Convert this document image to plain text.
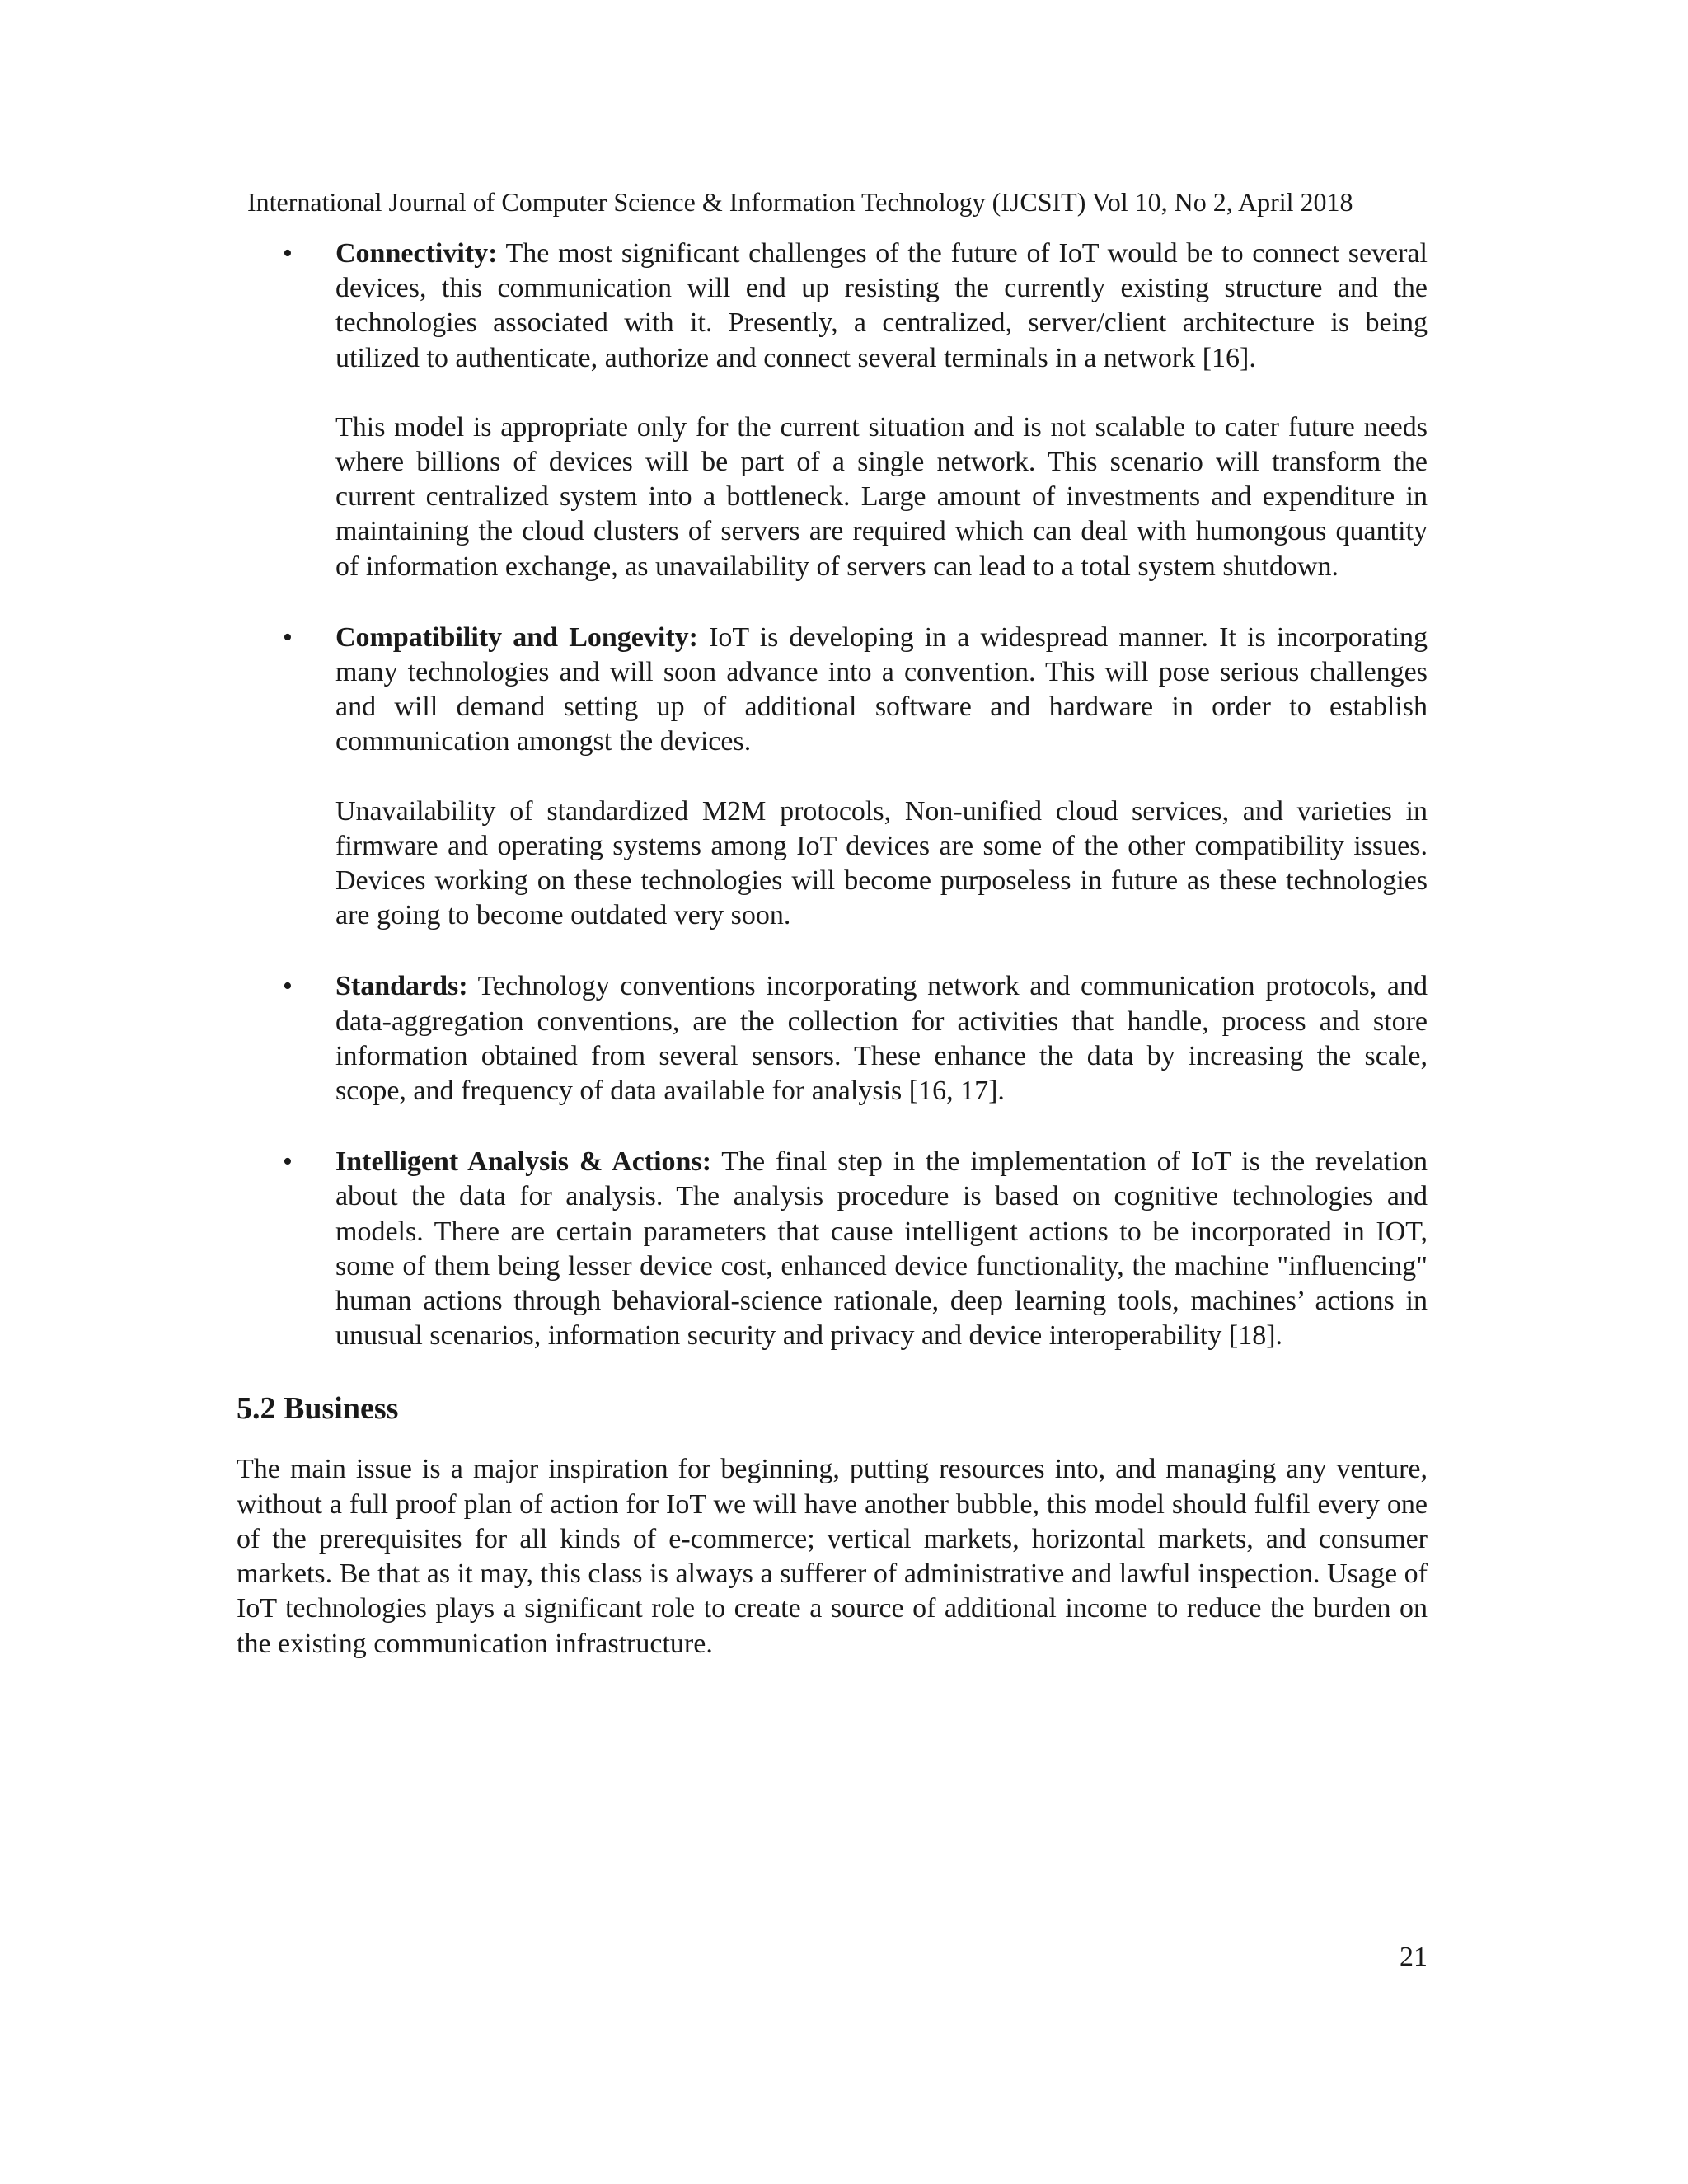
International Journal of Computer Science & Information Technology (IJCSIT) Vol 10, No 2, April 2018
• Connectivity: The most significant challenges of the future of IoT would be to connect several devices, this communication will end up resisting the currently existing structure and the technologies associated with it. Presently, a centralized, server/client architecture is being utilized to authenticate, authorize and connect several terminals in a network [16].

This model is appropriate only for the current situation and is not scalable to cater future needs where billions of devices will be part of a single network. This scenario will transform the current centralized system into a bottleneck. Large amount of investments and expenditure in maintaining the cloud clusters of servers are required which can deal with humongous quantity of information exchange, as unavailability of servers can lead to a total system shutdown.

• Compatibility and Longevity: IoT is developing in a widespread manner. It is incorporating many technologies and will soon advance into a convention. This will pose serious challenges and will demand setting up of additional software and hardware in order to establish communication amongst the devices.

Unavailability of standardized M2M protocols, Non-unified cloud services, and varieties in firmware and operating systems among IoT devices are some of the other compatibility issues. Devices working on these technologies will become purposeless in future as these technologies are going to become outdated very soon.

• Standards: Technology conventions incorporating network and communication protocols, and data-aggregation conventions, are the collection for activities that handle, process and store information obtained from several sensors. These enhance the data by increasing the scale, scope, and frequency of data available for analysis [16, 17].

• Intelligent Analysis & Actions: The final step in the implementation of IoT is the revelation about the data for analysis. The analysis procedure is based on cognitive technologies and models. There are certain parameters that cause intelligent actions to be incorporated in IOT, some of them being lesser device cost, enhanced device functionality, the machine "influencing" human actions through behavioral-science rationale, deep learning tools, machines’ actions in unusual scenarios, information security and privacy and device interoperability [18].

5.2 Business

The main issue is a major inspiration for beginning, putting resources into, and managing any venture, without a full proof plan of action for IoT we will have another bubble, this model should fulfil every one of the prerequisites for all kinds of e-commerce; vertical markets, horizontal markets, and consumer markets. Be that as it may, this class is always a sufferer of administrative and lawful inspection. Usage of IoT technologies plays a significant role to create a source of additional income to reduce the burden on the existing communication infrastructure.

21
